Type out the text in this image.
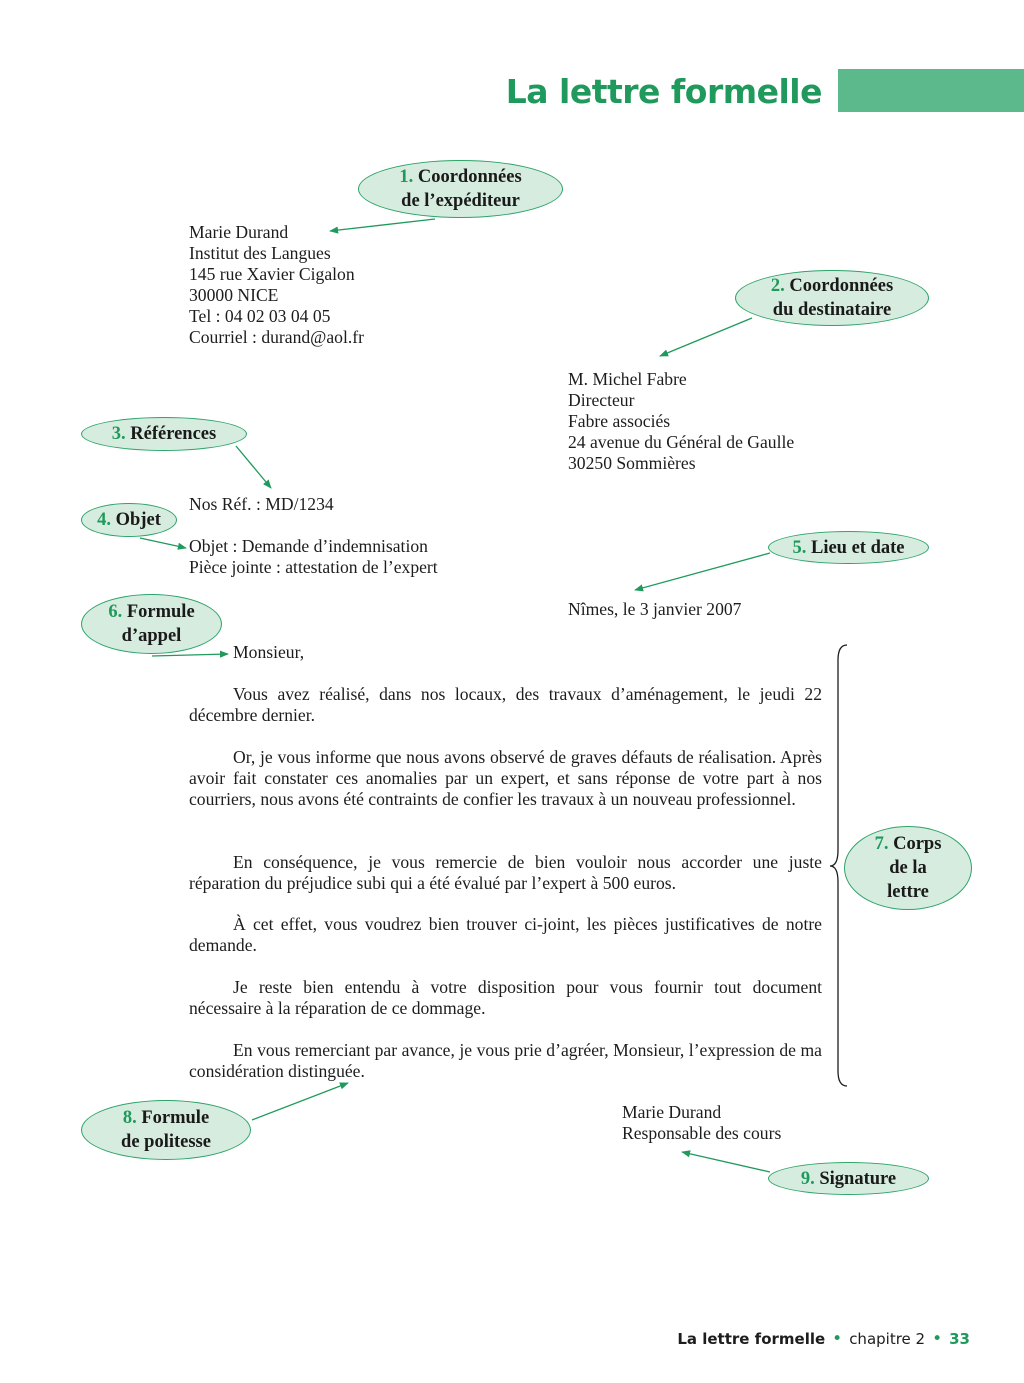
La lettre formelle
Marie Durand
Institut des Langues
145 rue Xavier Cigalon
30000 NICE
Tel : 04 02 03 04 05
Courriel : durand@aol.fr
M. Michel Fabre
Directeur
Fabre associés
24 avenue du Général de Gaulle
30250 Sommières
Nos Réf. : MD/1234
Objet : Demande d’indemnisation
Pièce jointe : attestation de l’expert
Nîmes, le 3 janvier 2007
Monsieur,

Vous avez réalisé, dans nos locaux, des travaux d’aménagement, le jeudi 22 décembre dernier.

Or, je vous informe que nous avons observé de graves défauts de réalisation. Après avoir fait constater ces anomalies par un expert, et sans réponse de votre part à nos courriers, nous avons été contraints de confier les travaux à un nouveau professionnel.

En conséquence, je vous remercie de bien vouloir nous accorder une juste réparation du préjudice subi qui a été évalué par l’expert à 500 euros.

À cet effet, vous voudrez bien trouver ci-joint, les pièces justificatives de notre demande.

Je reste bien entendu à votre disposition pour vous fournir tout document nécessaire à la réparation de ce dommage.

En vous remerciant par avance, je vous prie d’agréer, Monsieur, l’expression de ma considération distinguée.

Marie Durand
Responsable des cours
1. Coordonnées
de l’expéditeur
2. Coordonnées
du destinataire
3. Références
4. Objet
5. Lieu et date
6. Formule
d’appel
7. Corps
de la
lettre
8. Formule
de politesse
9. Signature
La lettre formelle • chapitre 2 • 33
